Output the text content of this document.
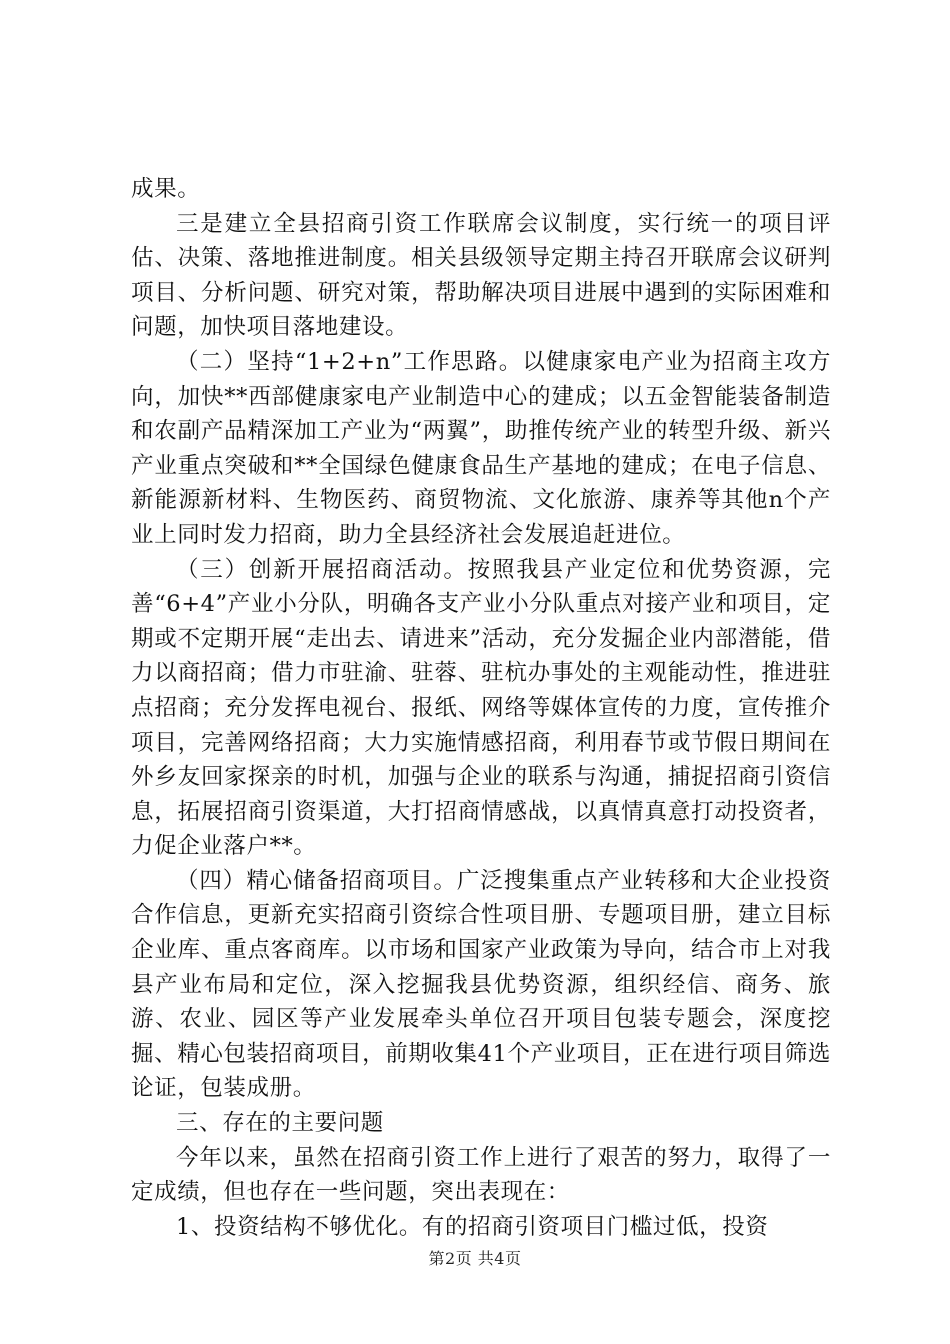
成果。

三是建立全县招商引资工作联席会议制度，实行统一的项目评估、决策、落地推进制度。相关县级领导定期主持召开联席会议研判项目、分析问题、研究对策，帮助解决项目进展中遇到的实际困难和问题，加快项目落地建设。

（二）坚持“1+2+n”工作思路。以健康家电产业为招商主攻方向，加快**西部健康家电产业制造中心的建成；以五金智能装备制造和农副产品精深加工产业为“两翼”，助推传统产业的转型升级、新兴产业重点突破和**全国绿色健康食品生产基地的建成；在电子信息、新能源新材料、生物医药、商贸物流、文化旅游、康养等其他n个产业上同时发力招商，助力全县经济社会发展追赶进位。

（三）创新开展招商活动。按照我县产业定位和优势资源，完善“6+4”产业小分队，明确各支产业小分队重点对接产业和项目，定期或不定期开展“走出去、请进来”活动，充分发掘企业内部潜能，借力以商招商；借力市驻渝、驻蓉、驻杭办事处的主观能动性，推进驻点招商；充分发挥电视台、报纸、网络等媒体宣传的力度，宣传推介项目，完善网络招商；大力实施情感招商，利用春节或节假日期间在外乡友回家探亲的时机，加强与企业的联系与沟通，捕捉招商引资信息，拓展招商引资渠道，大打招商情感战，以真情真意打动投资者，力促企业落户**。

（四）精心储备招商项目。广泛搜集重点产业转移和大企业投资合作信息，更新充实招商引资综合性项目册、专题项目册，建立目标企业库、重点客商库。以市场和国家产业政策为导向，结合市上对我县产业布局和定位，深入挖掘我县优势资源，组织经信、商务、旅游、农业、园区等产业发展牵头单位召开项目包装专题会，深度挖掘、精心包装招商项目，前期收集41个产业项目，正在进行项目筛选论证，包装成册。

三、存在的主要问题

今年以来，虽然在招商引资工作上进行了艰苦的努力，取得了一定成绩，但也存在一些问题，突出表现在：

1、投资结构不够优化。有的招商引资项目门槛过低，投资

第2页 共4页
